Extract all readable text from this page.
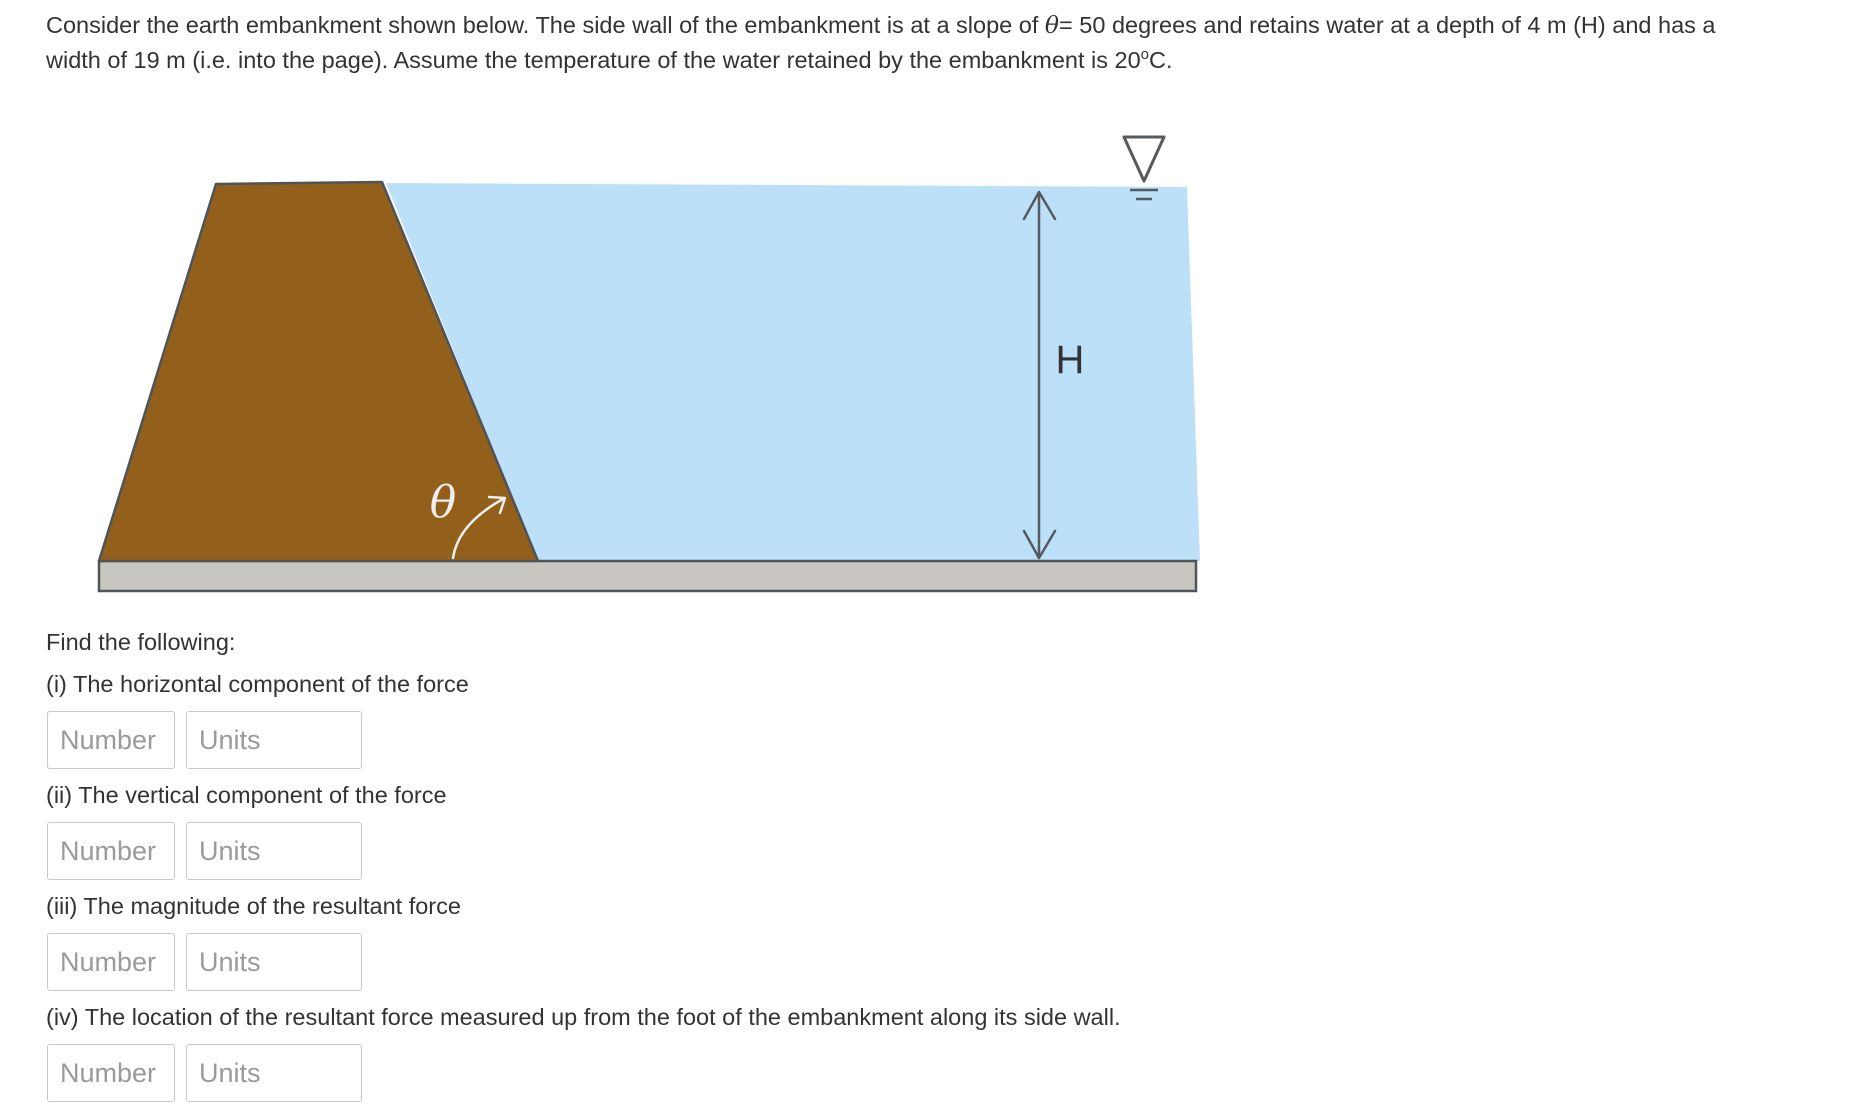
Consider the earth embankment shown below. The side wall of the embankment is at a slope of θ= 50 degrees and retains water at a depth of 4 m (H) and has a width of 19 m (i.e. into the page). Assume the temperature of the water retained by the embankment is 20$^o$C.

θ
H

Find the following:

(i) The horizontal component of the force

Number
Units

(ii) The vertical component of the force

Number
Units

(iii) The magnitude of the resultant force

Number
Units

(iv) The location of the resultant force measured up from the foot of the embankment along its side wall.

Number
Units
